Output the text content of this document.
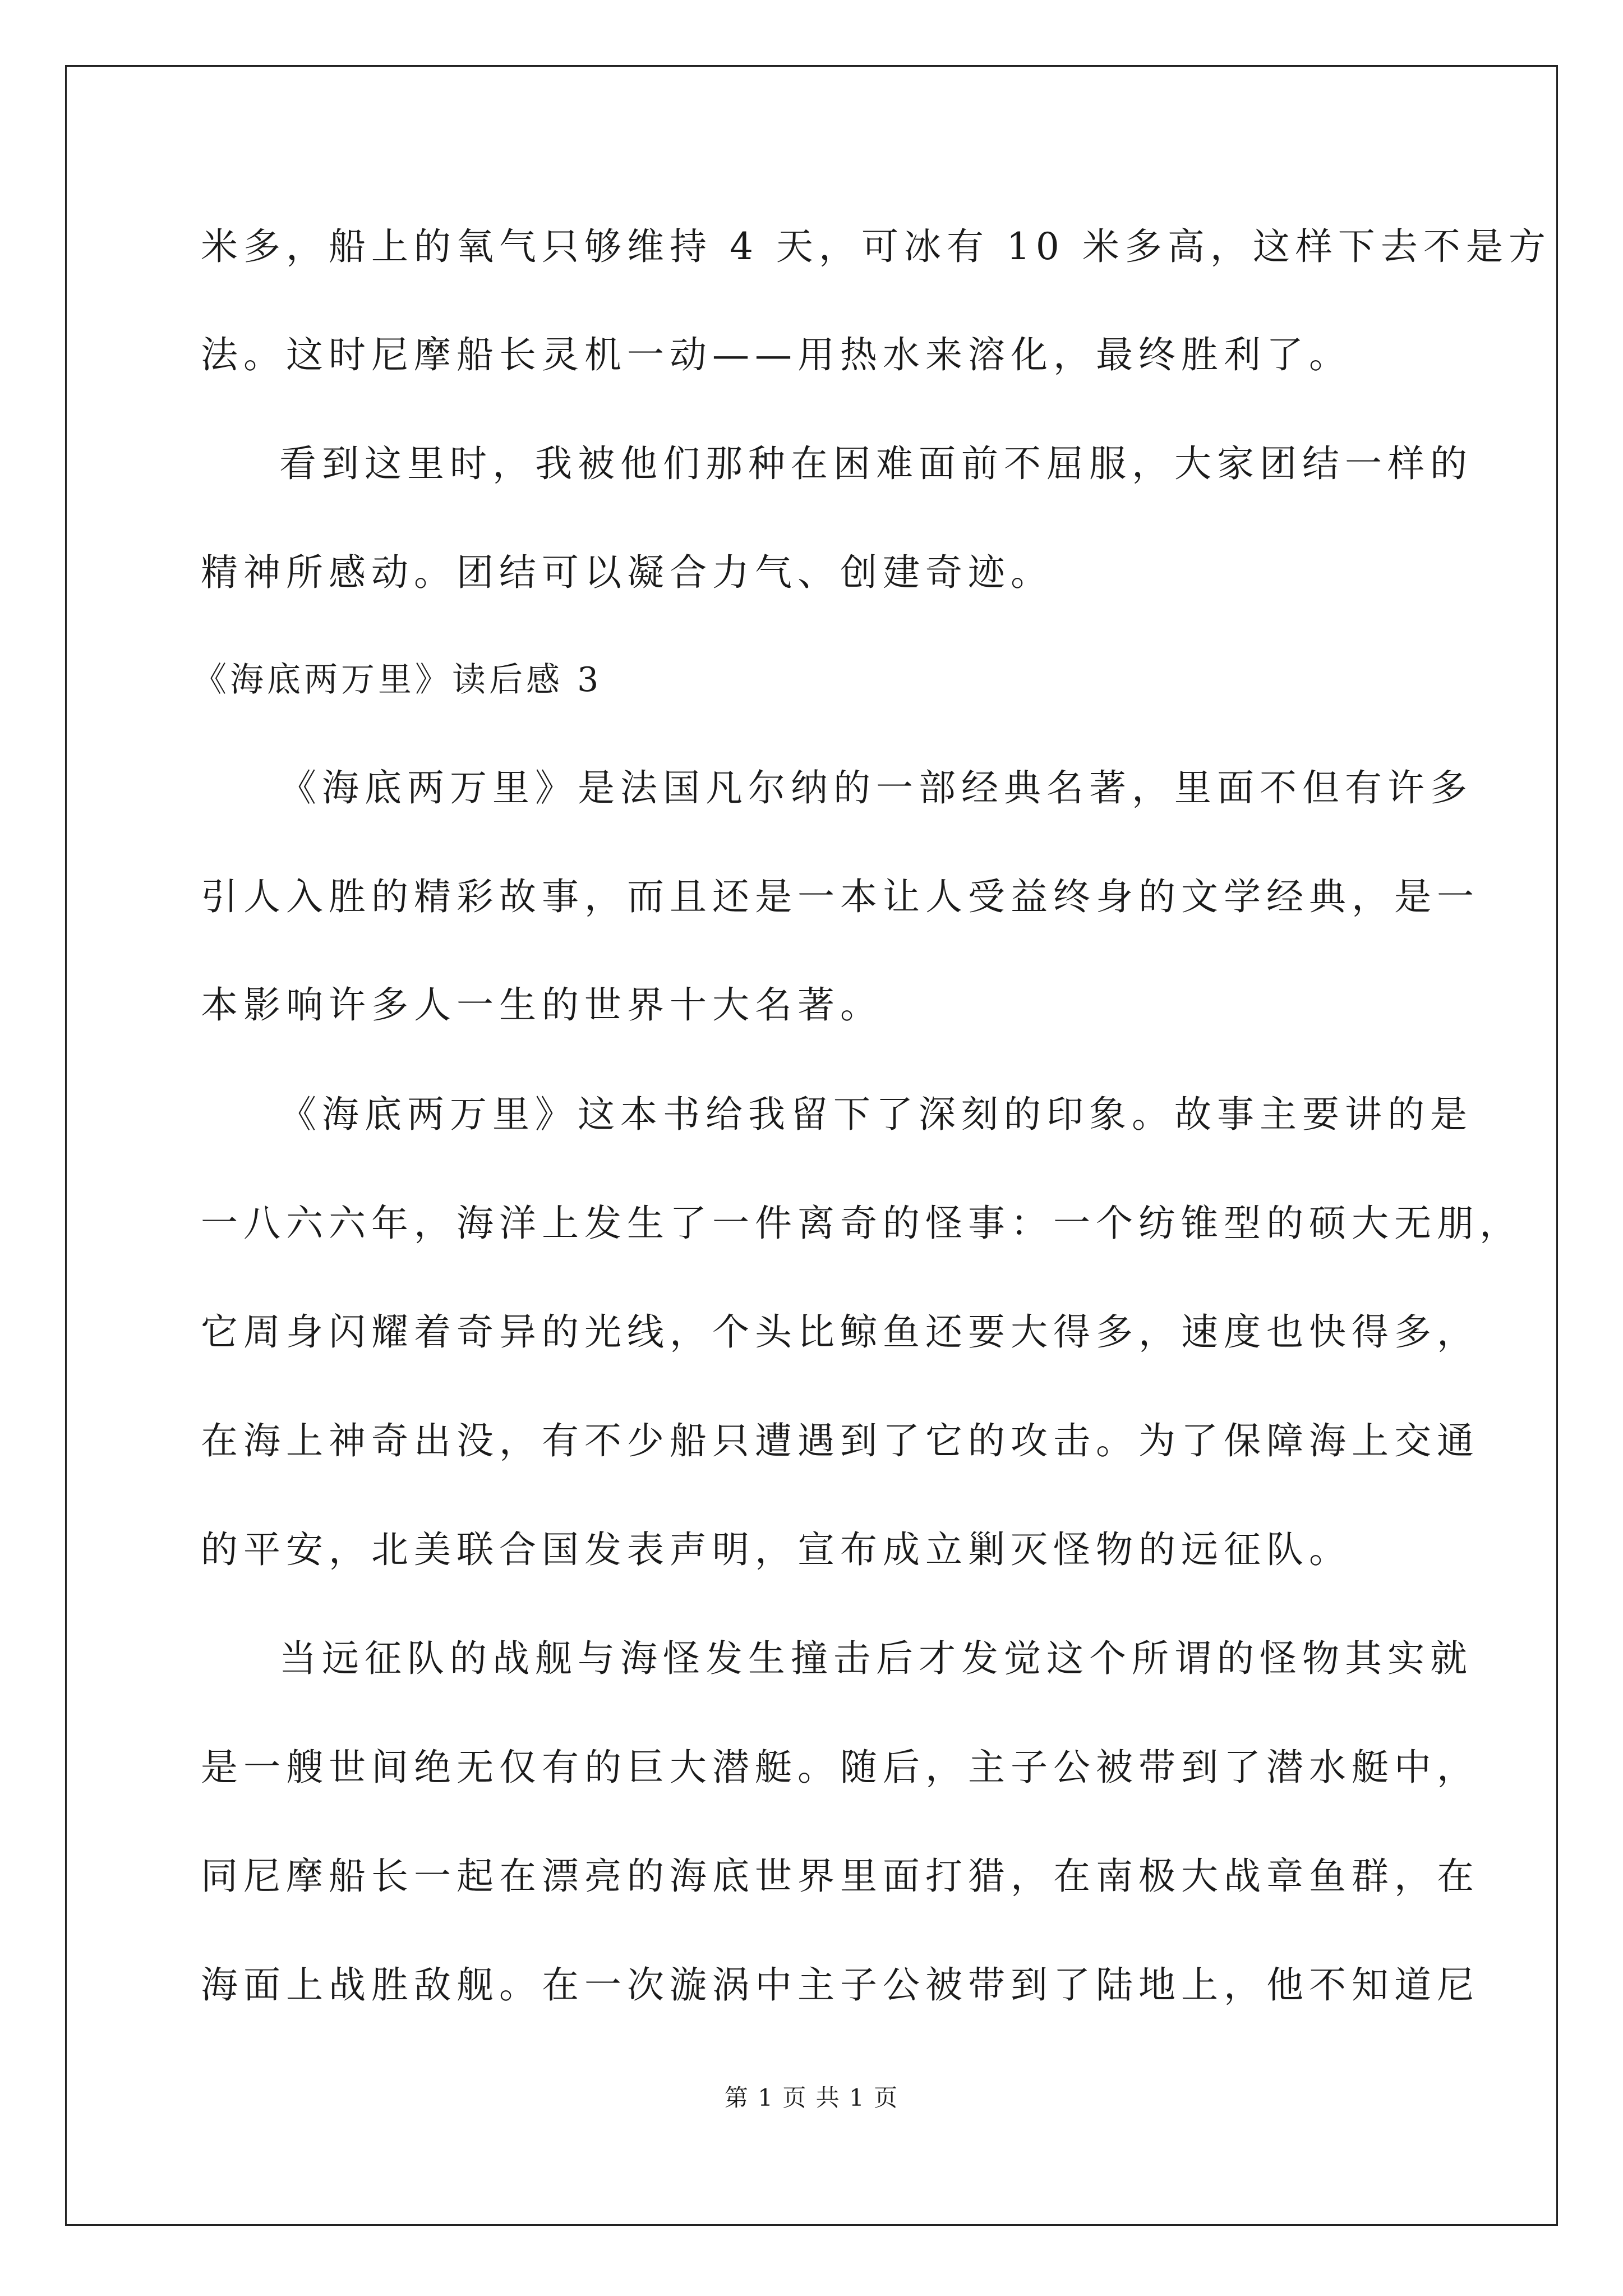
米多，船上的氧气只够维持 4 天，可冰有 10 米多高，这样下去不是方
法。这时尼摩船长灵机一动——用热水来溶化，最终胜利了。
看到这里时，我被他们那种在困难面前不屈服，大家团结一样的
精神所感动。团结可以凝合力气、创建奇迹。
《海底两万里》读后感 3
《海底两万里》是法国凡尔纳的一部经典名著，里面不但有许多
引人入胜的精彩故事，而且还是一本让人受益终身的文学经典，是一
本影响许多人一生的世界十大名著。
《海底两万里》这本书给我留下了深刻的印象。故事主要讲的是
一八六六年，海洋上发生了一件离奇的怪事：一个纺锥型的硕大无朋，
它周身闪耀着奇异的光线，个头比鲸鱼还要大得多，速度也快得多，
在海上神奇出没，有不少船只遭遇到了它的攻击。为了保障海上交通
的平安，北美联合国发表声明，宣布成立剿灭怪物的远征队。
当远征队的战舰与海怪发生撞击后才发觉这个所谓的怪物其实就
是一艘世间绝无仅有的巨大潜艇。随后，主子公被带到了潜水艇中，
同尼摩船长一起在漂亮的海底世界里面打猎，在南极大战章鱼群，在
海面上战胜敌舰。在一次漩涡中主子公被带到了陆地上，他不知道尼
第 1 页 共 1 页
